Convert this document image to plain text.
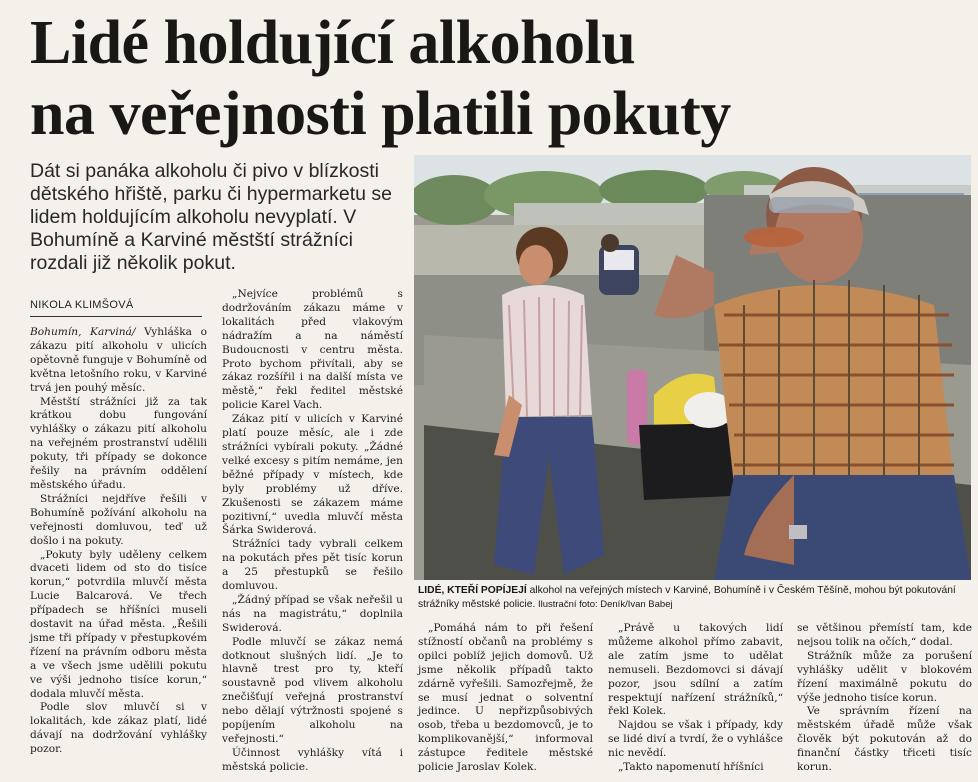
Lidé holdující alkoholu
na veřejnosti platili pokuty

Dát si panáka alkoholu či pivo v blízkosti dětského hřiště, parku či hypermarketu se lidem holdujícím alkoholu nevyplatí. V Bohumíně a Karviné městští strážníci rozdali již několik pokut.

NIKOLA KLIMŠOVÁ

Bohumín, Karviná/ Vyhláška o zákazu pití alkoholu v ulicích opětovně funguje v Bohumíně od května letošního roku, v Karviné trvá jen pouhý měsíc.

Městští strážníci již za tak krátkou dobu fungování vyhlášky o zákazu pití alkoholu na veřejném prostranství udělili pokuty, tři případy se dokonce řešily na právním oddělení městského úřadu.

Strážníci nejdříve řešili v Bohumíně požívání alkoholu na veřejnosti domluvou, teď už došlo i na pokuty.

„Pokuty byly uděleny celkem dvaceti lidem od sto do tisíce korun,“ potvrdila mluvčí města Lucie Balcarová. Ve třech případech se hříšníci museli dostavit na úřad města. „Řešili jsme tři případy v přestupkovém řízení na právním odboru města a ve všech jsme udělili pokutu ve výši jednoho tisíce korun,“ dodala mluvčí města.

Podle slov mluvčí si v lokalitách, kde zákaz platí, lidé dávají na dodržování vyhlášky pozor.

„Nejvíce problémů s dodržováním zákazu máme v lokalitách před vlakovým nádražím a na náměstí Budoucnosti v centru města. Proto bychom přivítali, aby se zákaz rozšířil i na další místa ve městě,“ řekl ředitel městské policie Karel Vach.

Zákaz pití v ulicích v Karviné platí pouze měsíc, ale i zde strážníci vybírali pokuty. „Žádné velké excesy s pitím nemáme, jen běžné případy v místech, kde byly problémy už dříve. Zkušenosti se zákazem máme pozitivní,“ uvedla mluvčí města Šárka Swiderová.

Strážníci tady vybrali celkem na pokutách přes pět tisíc korun a 25 přestupků se řešilo domluvou.

„Žádný případ se však neřešil u nás na magistrátu,“ doplnila Swiderová.

Podle mluvčí se zákaz nemá dotknout slušných lidí. „Je to hlavně trest pro ty, kteří soustavně pod vlivem alkoholu znečišťují veřejná prostranství nebo dělají výtržnosti spojené s popíjením alkoholu na veřejnosti.“

Účinnost vyhlášky vítá i městská policie.

LIDÉ, KTEŘÍ POPÍJEJÍ alkohol na veřejných místech v Karviné, Bohumíně i v Českém Těšíně, mohou být pokutování strážníky městské policie. Ilustrační foto: Deník/Ivan Babej

„Pomáhá nám to při řešení stížností občanů na problémy s opilci poblíž jejich domovů. Už jsme několik případů takto zdárně vyřešili. Samozřejmě, že se musí jednat o solventní jedince. U nepřizpůsobivých osob, třeba u bezdomovců, je to komplikovanější,“ informoval zástupce ředitele městské policie Jaroslav Kolek.

„Právě u takových lidí můžeme alkohol přímo zabavit, ale zatím jsme to udělat nemuseli. Bezdomovci si dávají pozor, jsou sdílní a zatím respektují nařízení strážníků,“ řekl Kolek.

Najdou se však i případy, kdy se lidé diví a tvrdí, že o vyhlášce nic nevědí.

„Takto napomenutí hříšníci

se většinou přemístí tam, kde nejsou tolik na očích,“ dodal.

Strážník může za porušení vyhlášky udělit v blokovém řízení maximálně pokutu do výše jednoho tisíce korun.

Ve správním řízení na městském úřadě může však člověk být pokutován až do finanční částky třiceti tisíc korun.
